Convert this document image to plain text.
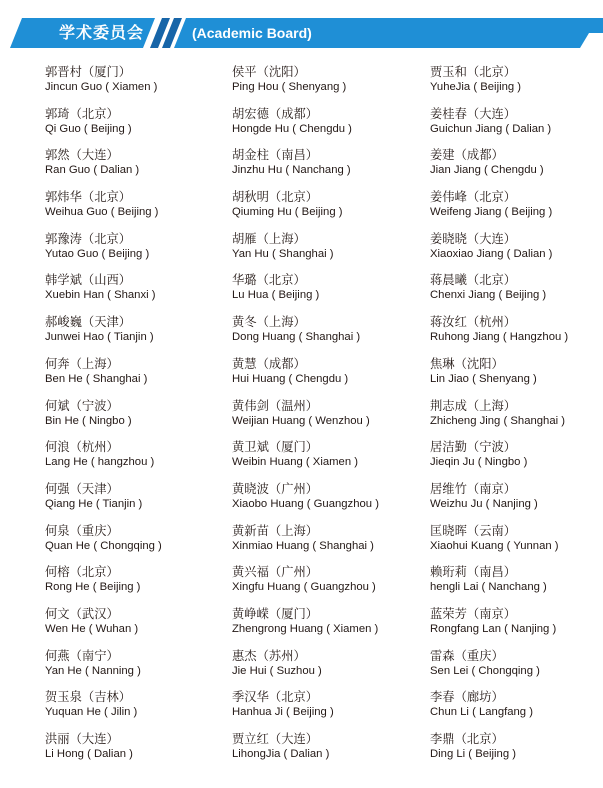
学术委员会	(Academic Board)
郭晋村（厦门）
Jincun Guo ( Xiamen )
郭琦（北京）
Qi Guo ( Beijing )
郭然（大连）
Ran Guo ( Dalian )
郭炜华（北京）
Weihua Guo ( Beijing )
郭豫涛（北京）
Yutao Guo ( Beijing )
韩学斌（山西）
Xuebin Han ( Shanxi )
郝峻巍（天津）
Junwei Hao ( Tianjin )
何奔（上海）
Ben He ( Shanghai )
何斌（宁波）
Bin He ( Ningbo )
何浪（杭州）
Lang He ( hangzhou )
何强（天津）
Qiang He ( Tianjin )
何泉（重庆）
Quan He ( Chongqing )
何榕（北京）
Rong He ( Beijing )
何文（武汉）
Wen He ( Wuhan )
何燕（南宁）
Yan He ( Nanning )
贺玉泉（吉林）
Yuquan He ( Jilin )
洪丽（大连）
Li Hong ( Dalian )
侯平（沈阳）
Ping Hou ( Shenyang )
胡宏德（成都）
Hongde Hu ( Chengdu )
胡金柱（南昌）
Jinzhu Hu ( Nanchang )
胡秋明（北京）
Qiuming Hu ( Beijing )
胡雁（上海）
Yan Hu ( Shanghai )
华璐（北京）
Lu Hua ( Beijing )
黄冬（上海）
Dong Huang ( Shanghai )
黄慧（成都）
Hui Huang ( Chengdu )
黄伟剑（温州）
Weijian Huang ( Wenzhou )
黄卫斌（厦门）
Weibin Huang ( Xiamen )
黄晓波（广州）
Xiaobo Huang ( Guangzhou )
黄新苗（上海）
Xinmiao Huang ( Shanghai )
黄兴福（广州）
Xingfu Huang ( Guangzhou )
黄峥嵘（厦门）
Zhengrong Huang ( Xiamen )
惠杰（苏州）
Jie Hui ( Suzhou )
季汉华（北京）
Hanhua Ji ( Beijing )
贾立红（大连）
LihongJia ( Dalian )
贾玉和（北京）
YuheJia ( Beijing )
姜桂春（大连）
Guichun Jiang ( Dalian )
姜建（成都）
Jian Jiang ( Chengdu )
姜伟峰（北京）
Weifeng Jiang ( Beijing )
姜晓晓（大连）
Xiaoxiao Jiang ( Dalian )
蒋晨曦（北京）
Chenxi Jiang ( Beijing )
蒋汝红（杭州）
Ruhong Jiang ( Hangzhou )
焦琳（沈阳）
Lin Jiao ( Shenyang )
荆志成（上海）
Zhicheng Jing ( Shanghai )
居洁勤（宁波）
Jieqin Ju ( Ningbo )
居维竹（南京）
Weizhu Ju ( Nanjing )
匡晓晖（云南）
Xiaohui Kuang ( Yunnan )
赖珩莉（南昌）
hengli Lai ( Nanchang )
蓝荣芳（南京）
Rongfang Lan ( Nanjing )
雷森（重庆）
Sen Lei ( Chongqing )
李春（廊坊）
Chun Li ( Langfang )
李鼎（北京）
Ding Li ( Beijing )
